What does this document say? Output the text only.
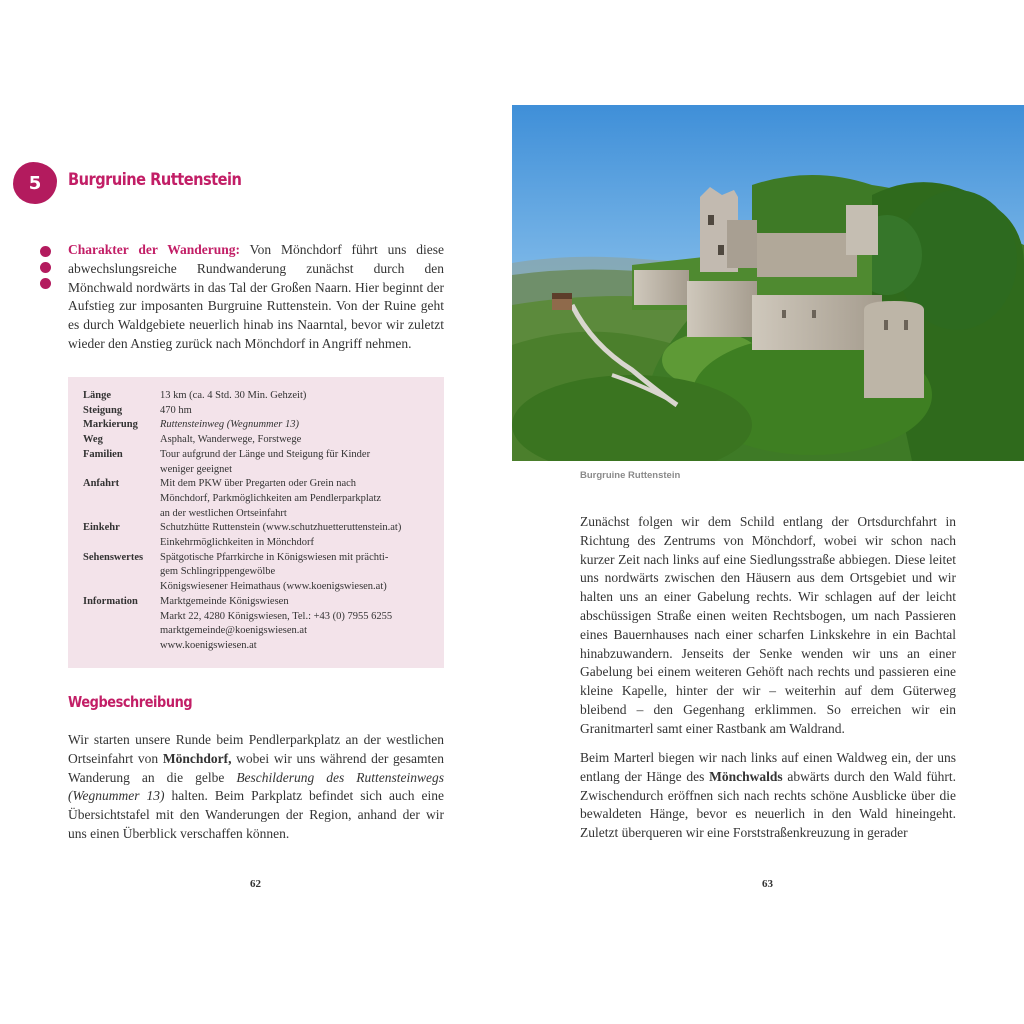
5 Burgruine Ruttenstein

Charakter der Wanderung: Von Mönchdorf führt uns diese abwechslungsreiche Rundwanderung zunächst durch den Mönchwald nordwärts in das Tal der Großen Naarn. Hier beginnt der Aufstieg zur imposanten Burgruine Ruttenstein. Von der Ruine geht es durch Waldgebiete neuerlich hinab ins Naarntal, bevor wir zuletzt wieder den Anstieg zurück nach Mönchdorf in Angriff nehmen.

Länge	13 km (ca. 4 Std. 30 Min. Gehzeit)
Steigung	470 hm
Markierung	Ruttensteinweg (Wegnummer 13)
Weg	Asphalt, Wanderwege, Forstwege
Familien	Tour aufgrund der Länge und Steigung für Kinder
weniger geeignet
Anfahrt	Mit dem PKW über Pregarten oder Grein nach
Mönchdorf, Parkmöglichkeiten am Pendlerparkplatz
an der westlichen Ortseinfahrt
Einkehr	Schutzhütte Ruttenstein (www.schutzhuetteruttenstein.at)
Einkehrmöglichkeiten in Mönchdorf
Sehenswertes	Spätgotische Pfarrkirche in Königswiesen mit prächti-
gem Schlingrippengewölbe
Königswiesener Heimathaus (www.koenigswiesen.at)
Information	Marktgemeinde Königswiesen
Markt 22, 4280 Königswiesen, Tel.: +43 (0) 7955 6255
marktgemeinde@koenigswiesen.at
www.koenigswiesen.at
Wegbeschreibung

Wir starten unsere Runde beim Pendlerparkplatz an der westlichen Ortseinfahrt von Mönchdorf, wobei wir uns während der gesamten Wanderung an die gelbe Beschilderung des Ruttensteinwegs (Wegnummer 13) halten. Beim Parkplatz befindet sich auch eine Übersichtstafel mit den Wanderungen der Region, anhand der wir uns einen Überblick verschaffen können.

62

Burgruine Ruttenstein

Zunächst folgen wir dem Schild entlang der Ortsdurchfahrt in Richtung des Zentrums von Mönchdorf, wobei wir schon nach kurzer Zeit nach links auf eine Siedlungsstraße abbiegen. Diese leitet uns nordwärts zwischen den Häusern aus dem Ortsgebiet und wir halten uns an einer Gabelung rechts. Wir schlagen auf der leicht abschüssigen Straße einen weiten Rechtsbogen, um nach Passieren eines Bauernhauses nach einer scharfen Linkskehre in ein Bachtal hinabzuwandern. Jenseits der Senke wenden wir uns an einer Gabelung bei einem weiteren Gehöft nach rechts und passieren eine kleine Kapelle, hinter der wir – weiterhin auf dem Güterweg bleibend – den Gegenhang erklimmen. So erreichen wir ein Granitmarterl samt einer Rastbank am Waldrand.

Beim Marterl biegen wir nach links auf einen Waldweg ein, der uns entlang der Hänge des Mönchwalds abwärts durch den Wald führt. Zwischendurch eröffnen sich nach rechts schöne Ausblicke über die bewaldeten Hänge, bevor es neuerlich in den Wald hineingeht. Zuletzt überqueren wir eine Forststraßenkreuzung in gerader

63
